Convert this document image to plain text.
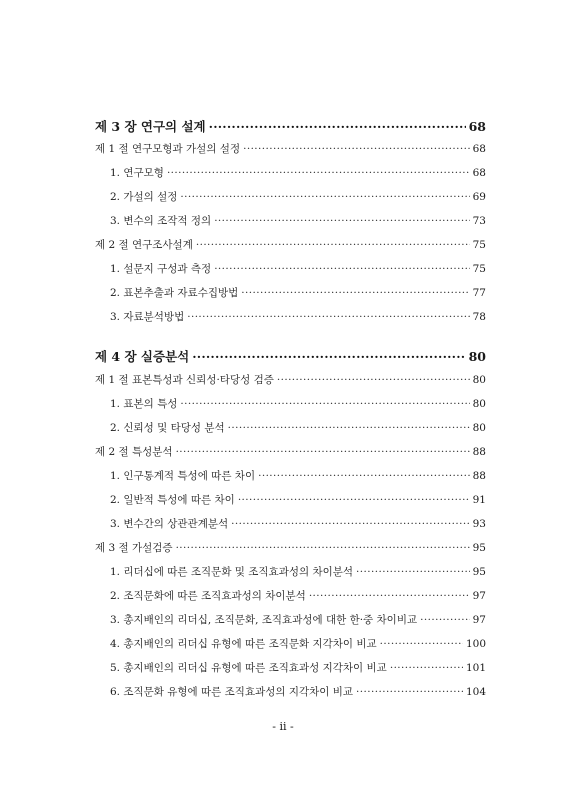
제 3 장 연구의 설계 ·····	68
제 1 절 연구모형과 가설의 설정 ·····	68
1. 연구모형 ·····	68
2. 가설의 설정 ·····	69
3. 변수의 조작적 정의 ·····	73
제 2 절 연구조사설계 ·····	75
1. 설문지 구성과 측정 ·····	75
2. 표본추출과 자료수집방법 ·····	77
3. 자료분석방법 ·····	78
제 4 장 실증분석 ·····	80
제 1 절 표본특성과 신뢰성·타당성 검증 ·····	80
1. 표본의 특성 ·····	80
2. 신뢰성 및 타당성 분석 ·····	80
제 2 절 특성분석 ·····	88
1. 인구통계적 특성에 따른 차이 ·····	88
2. 일반적 특성에 따른 차이 ·····	91
3. 변수간의 상관관계분석 ·····	93
제 3 절 가설검증 ·····	95
1. 리더십에 따른 조직문화 및 조직효과성의 차이분석 ·····	95
2. 조직문화에 따른 조직효과성의 차이분석 ·····	97
3. 총지배인의 리더십, 조직문화, 조직효과성에 대한 한·중 차이비교 ·····	97
4. 총지배인의 리더십 유형에 따른 조직문화 지각차이 비교 ·····	100
5. 총지배인의 리더십 유형에 따른 조직효과성 지각차이 비교 ·····	101
6. 조직문화 유형에 따른 조직효과성의 지각차이 비교 ·····	104
- ii -
